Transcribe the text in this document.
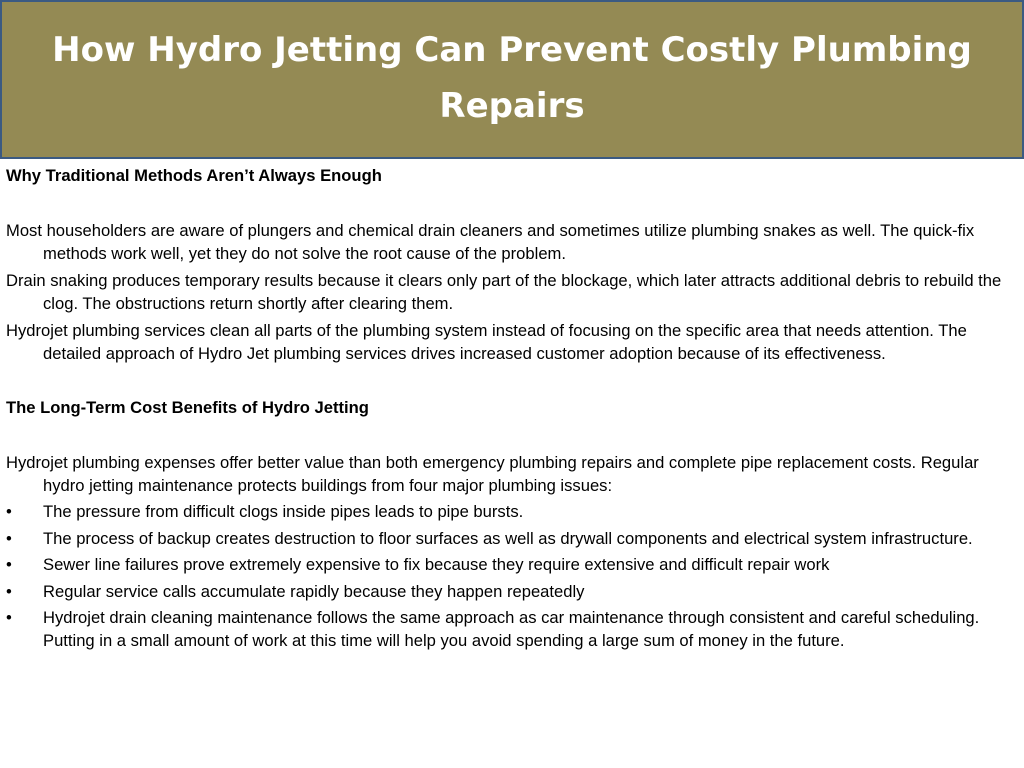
How Hydro Jetting Can Prevent Costly Plumbing Repairs

Why Traditional Methods Aren’t Always Enough

Most householders are aware of plungers and chemical drain cleaners and sometimes utilize plumbing snakes as well. The quick-fix methods work well, yet they do not solve the root cause of the problem.

Drain snaking produces temporary results because it clears only part of the blockage, which later attracts additional debris to rebuild the clog. The obstructions return shortly after clearing them.

Hydrojet plumbing services clean all parts of the plumbing system instead of focusing on the specific area that needs attention. The detailed approach of Hydro Jet plumbing services drives increased customer adoption because of its effectiveness.

The Long-Term Cost Benefits of Hydro Jetting

Hydrojet plumbing expenses offer better value than both emergency plumbing repairs and complete pipe replacement costs. Regular hydro jetting maintenance protects buildings from four major plumbing issues:

•	The pressure from difficult clogs inside pipes leads to pipe bursts.
•	The process of backup creates destruction to floor surfaces as well as drywall components and electrical system infrastructure.
•	Sewer line failures prove extremely expensive to fix because they require extensive and difficult repair work
•	Regular service calls accumulate rapidly because they happen repeatedly
•	Hydrojet drain cleaning maintenance follows the same approach as car maintenance through consistent and careful scheduling. Putting in a small amount of work at this time will help you avoid spending a large sum of money in the future.
